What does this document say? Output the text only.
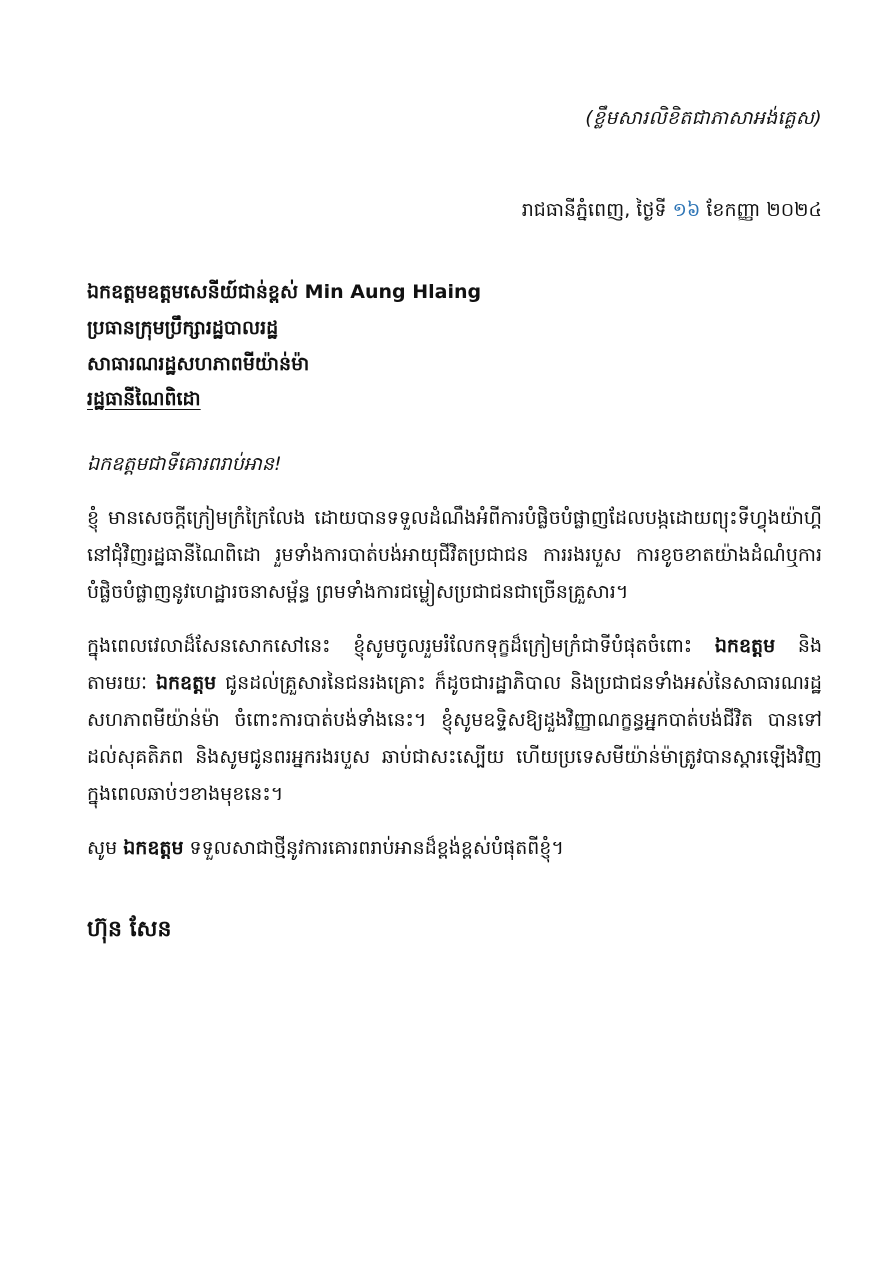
(ខ្លឹមសារលិខិតជាភាសាអង់គ្លេស)
រាជធានីភ្នំពេញ, ថ្ងៃទី ១៦ ខែកញ្ញា ២០២៤
ឯកឧត្តមឧត្តមសេនីយ៍ជាន់ខ្ពស់ Min Aung Hlaing
ប្រធានក្រុមប្រឹក្សារដ្ឋបាលរដ្ឋ
សាធារណរដ្ឋសហភាពមីយ៉ាន់ម៉ា
រដ្ឋធានីណៃពិដោ
ឯកឧត្តមជាទីគោរពរាប់អាន!

ខ្ញុំ មានសេចក្តីក្រៀមក្រំក្រៃលែង ដោយបានទទួលដំណឹងអំពីការបំផ្លិចបំផ្លាញដែលបង្កដោយព្យុះទីហ្វុងយ៉ាហ្គី នៅជុំវិញរដ្ឋធានីណៃពិដោ រួមទាំងការបាត់បង់អាយុជីវិតប្រជាជន ការរងរបួស ការខូចខាតយ៉ាងដំណំឬការបំផ្លិចបំផ្លាញនូវហេដ្ឋារចនាសម្ព័ន្ធ ព្រមទាំងការជម្លៀសប្រជាជនជាច្រើនគ្រួសារ។

ក្នុងពេលវេលាដ៏សែនសោកសៅនេះ ខ្ញុំសូមចូលរួមរំលែកទុក្ខដ៏ក្រៀមក្រំជាទីបំផុតចំពោះ ឯកឧត្តម និងតាមរយៈ ឯកឧត្តម ជូនដល់គ្រួសារនៃជនរងគ្រោះ ក៏ដូចជារដ្ឋាភិបាល និងប្រជាជនទាំងអស់នៃសាធារណរដ្ឋសហភាពមីយ៉ាន់ម៉ា ចំពោះការបាត់បង់ទាំងនេះ។ ខ្ញុំសូមឧទ្ទិសឱ្យដួងវិញ្ញាណក្ខន្ធអ្នកបាត់បង់ជីវិត បានទៅដល់សុគតិភព និងសូមជូនពរអ្នករងរបួស ឆាប់ជាសះស្បើយ ហើយប្រទេសមីយ៉ាន់ម៉ាត្រូវបានស្តារឡើងវិញក្នុងពេលឆាប់ៗខាងមុខនេះ។

សូម ឯកឧត្តម ទទួលសាជាថ្មីនូវការគោរពរាប់អានដ៏ខ្ពង់ខ្ពស់បំផុតពីខ្ញុំ។

ហ៊ុន សែន
